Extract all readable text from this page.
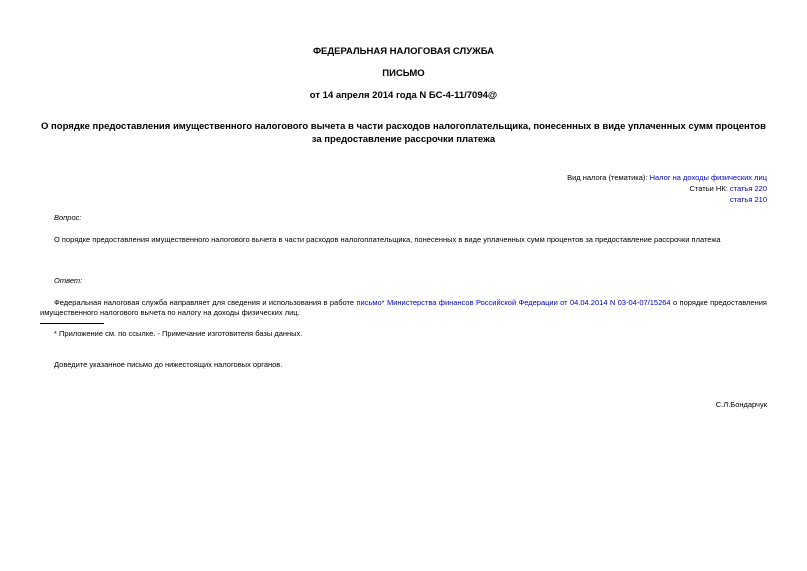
ФЕДЕРАЛЬНАЯ НАЛОГОВАЯ СЛУЖБА
ПИСЬМО
от 14 апреля 2014 года N БС-4-11/7094@
О порядке предоставления имущественного налогового вычета в части расходов налогоплательщика, понесенных в виде уплаченных сумм процентов за предоставление рассрочки платежа
Вид налога (тематика): Налог на доходы физических лиц
Статьи НК: статья 220
статья 210
Вопрос:
О порядке предоставления имущественного налогового вычета в части расходов налогоплательщика, понесенных в виде уплаченных сумм процентов за предоставление рассрочки платежа
Ответ:
Федеральная налоговая служба направляет для сведения и использования в работе письмо* Министерства финансов Российской Федерации от 04.04.2014 N 03-04-07/15264 о порядке предоставления
имущественного налогового вычета по налогу на доходы физических лиц.
* Приложение см. по ссылке. - Примечание изготовителя базы данных.
Доведите указанное письмо до нижестоящих налоговых органов.
С.Л.Бондарчук
